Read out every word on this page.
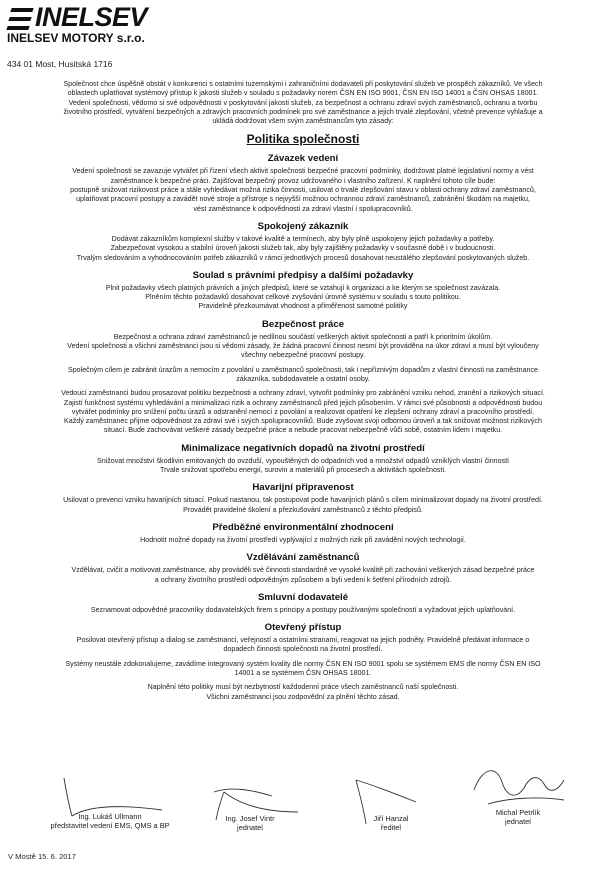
INELSEV
INELSEV MOTORY s.r.o.
434 01 Most, Husitská 1716

Společnost chce úspěšně obstát v konkurenci s ostatními tuzemskými i zahraničními dodavateli při poskytování služeb ve prospěch zákazníků. Ve všech

oblastech uplatňovat systémový přístup k jakosti služeb v souladu s požadavky norem ČSN EN ISO 9001, ČSN EN ISO 14001 a ČSN OHSAS 18001.

Vedení společnosti, vědomo si své odpovědnosti v poskytování jakosti služeb, za bezpečnost a ochranu zdraví svých zaměstnanců, ochranu a tvorbu

životního prostředí, vytváření bezpečných a zdravých pracovních podmínek pro své zaměstnance a jejich trvalé zlepšování, včetně prevence vyhlašuje a

ukládá dodržovat všem svým zaměstnancům tyto zásady:

Politika společnosti
Závazek vedení

Vedení společnosti se zavazuje vytvářet při řízení všech aktivit společnosti bezpečné pracovní podmínky, dodržovat platné legislativní normy a vést

zaměstnance k bezpečné práci. Zajišťovat bezpečný provoz udržovaného i vlastního zařízení. K naplnění tohoto cíle bude:

postupně snižovat rizikovost práce a stále vyhledávat možná rizika činnosti, usilovat o trvalé zlepšování stavu v oblasti ochrany zdraví zaměstnanců,

uplatňovat pracovní postupy a zavádět nové stroje a přístroje s nejvyšší možnou ochrannou zdraví zaměstnanců, zabránění škodám na majetku,

vést zaměstnance k odpovědnosti za zdraví vlastní i spolupracovníků.

Spokojený zákazník

Dodávat zákazníkům komplexní služby v takové kvalitě a termínech, aby byly plně uspokojeny jejich požadavky a potřeby.

Zabezpečovat vysokou a stabilní úroveň jakosti služeb tak, aby byly zajištěny požadavky v současné době i v budoucnosti.

Trvalým sledováním a vyhodnocováním potřeb zákazníků v rámci jednotlivých procesů dosahovat neustálého zlepšování poskytovaných služeb.

Soulad s právními předpisy a dalšími požadavky

Plnit požadavky všech platných právních a jiných předpisů, které se vztahují k organizaci a ke kterým se společnost zavázala.

Plněním těchto požadavků dosahovat celkové zvyšování úrovně systému v souladu s touto politikou.

Pravidelně přezkoumávat vhodnost a přiměřenost samotné politiky

Bezpečnost práce

Bezpečnost a ochrana zdraví zaměstnanců je nedílnou součástí veškerých aktivit společnosti a patří k prioritním úkolům.

Vedení společnosti a všichni zaměstnanci jsou si vědomi zásady, že žádná pracovní činnost nesmí být prováděna na úkor zdraví a musí být vyloučeny

všechny nebezpečné pracovní postupy.

Společným cílem je zabránit úrazům a nemocím z povolání u zaměstnanců společnosti, tak i nepříznivým dopadům z vlastní činnosti na zaměstnance

zákazníka, subdodavatele a ostatní osoby.

Vedoucí zaměstnanci budou prosazovat politiku bezpečnosti a ochrany zdraví, vytvořit podmínky pro zabránění vzniku nehod, zranění a rizikových situací.

Zajistí funkčnost systému vyhledávání a minimalizaci rizik a ochrany zaměstnanců před jejich působením. V rámci své působnosti a odpovědnosti budou

vytvářet podmínky pro snížení počtu úrazů a odstranění nemocí z povolání a realizovat opatření ke zlepšení ochrany zdraví a pracovního prostředí.

Každý zaměstnanec přijme odpovědnost za zdraví své i svých spolupracovníků. Bude zvyšovat svoji odbornou úroveň a tak snižovat možnost rizikových

situací. Bude zachovávat veškeré zásady bezpečné práce a nebude pracovat nebezpečně vůči sobě, ostatním lidem i majetku.

Minimalizace negativních dopadů na životní prostředí

Snižovat množství škodlivin emitovaných do ovzduší, vypouštěných do odpadních vod a množství odpadů vzniklých vlastní činností

Trvale snižovat spotřebu energií, surovin a materiálů při procesech a aktivitách společnosti.

Havarijní připravenost

Usilovat o prevenci vzniku havarijních situací. Pokud nastanou, tak postupovat podle havarijních plánů s cílem minimalizovat dopady na životní prostředí.

Provádět pravidelné školení a přezkušování zaměstnanců z těchto předpisů.

Předběžné environmentální zhodnocení

Hodnotit možné dopady na životní prostředí vyplývající z možných rizik při zavádění nových technologií.

Vzdělávání zaměstnanců

Vzdělávat, cvičit a motivovat zaměstnance, aby prováděli své činnosti standardně ve vysoké kvalitě při zachování veškerých zásad bezpečné práce

a ochrany životního prostředí odpovědným způsobem a byli vedeni k šetření přírodních zdrojů.

Smluvní dodavatelé

Seznamovat odpovědné pracovníky dodavatelských firem s principy a postupy používanými společností a vyžadovat jejich uplatňování.

Otevřený přístup

Posilovat otevřený přístup a dialog se zaměstnanci, veřejností a ostatními stranami, reagovat na jejich podněty. Pravidelně předávat informace o

dopadech činnosti společnosti na životní prostředí.

Systémy neustále zdokonalujeme, zavádíme integrovaný systém kvality dle normy ČSN EN ISO 9001 spolu se systémem EMS dle normy ČSN EN ISO

14001 a se systémem ČSN OHSAS 18001.

Naplnění této politiky musí být nezbytností každodenní práce všech zaměstnanců naší společnosti.

Všichni zaměstnanci jsou zodpovědní za plnění těchto zásad.

Ing. Lukáš Ullmann
představitel vedení EMS, QMS a BP
Ing. Josef Vintr
jednatel
Jiří Hanzal
ředitel
Michal Petrlík
jednatel
V Mostě 15. 6. 2017
